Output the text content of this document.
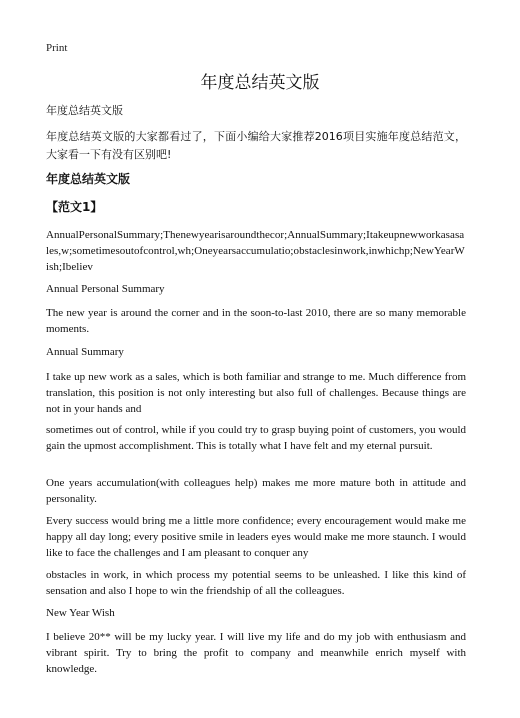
Print
年度总结英文版

年度总结英文版

年度总结英文版的大家都看过了，下面小编给大家推荐2016项目实施年度总结范文，大家看一下有没有区别吧!

年度总结英文版

【范文1】

AnnualPersonalSummary;Thenewyearisaroundthecor;AnnualSummary;Itakeupnewworkasasales,w;sometimesoutofcontrol,wh;Oneyearsaccumulatio;obstaclesinwork,inwhichp;NewYearWish;Ibeliev

Annual Personal Summary

The new year is around the corner and in the soon-to-last 2010, there are so many memorable moments.

Annual Summary

I take up new work as a sales, which is both familiar and strange to me. Much difference from translation, this position is not only interesting but also full of challenges. Because things are not in your hands and

sometimes out of control, while if you could try to grasp buying point of customers, you would gain the upmost accomplishment. This is totally what I have felt and my eternal pursuit.

One years accumulation(with colleagues help) makes me more mature both in attitude and personality.

Every success would bring me a little more confidence; every encouragement would make me happy all day long; every positive smile in leaders eyes would make me more staunch. I would like to face the challenges and I am pleasant to conquer any

obstacles in work, in which process my potential seems to be unleashed. I like this kind of sensation and also I hope to win the friendship of all the colleagues.

New Year Wish

I believe 20** will be my lucky year. I will live my life and do my job with enthusiasm and vibrant spirit. Try to bring the profit to company and meanwhile enrich myself with knowledge.
